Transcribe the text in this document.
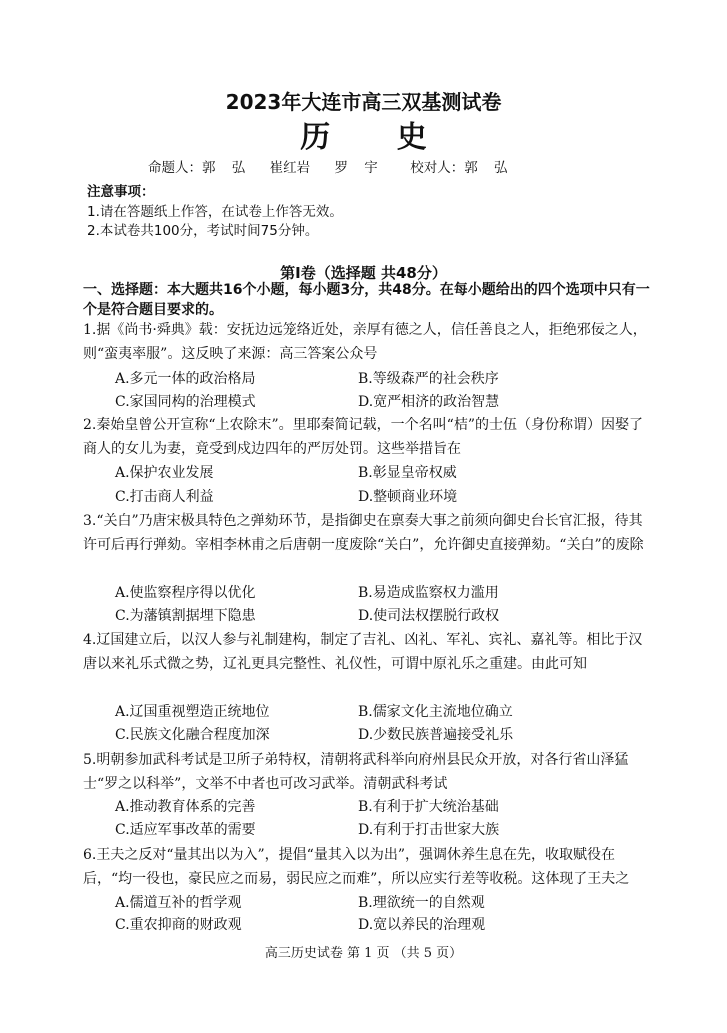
2023年大连市高三双基测试卷
历 史
命题人：郭  弘   崔红岩   罗  宇    校对人：郭  弘
注意事项：
1.请在答题纸上作答，在试卷上作答无效。
2.本试卷共100分，考试时间75分钟。
第Ⅰ卷（选择题 共48分）
一、选择题：本大题共16个小题，每小题3分，共48分。在每小题给出的四个选项中只有一个是符合题目要求的。
1.据《尚书·舜典》载：安抚边远笼络近处，亲厚有德之人，信任善良之人，拒绝邪佞之人，则“蛮夷率服”。这反映了来源：高三答案公众号
A.多元一体的政治格局	B.等级森严的社会秩序
C.家国同构的治理模式	D.宽严相济的政治智慧
2.秦始皇曾公开宣称“上农除末”。里耶秦简记载，一个名叫“桔”的士伍（身份称谓）因娶了商人的女儿为妻，竟受到戍边四年的严厉处罚。这些举措旨在
A.保护农业发展	B.彰显皇帝权威
C.打击商人利益	D.整顿商业环境
3.“关白”乃唐宋极具特色之弹劾环节，是指御史在禀奏大事之前须向御史台长官汇报，待其许可后再行弹劾。宰相李林甫之后唐朝一度废除“关白”，允许御史直接弹劾。“关白”的废除
A.使监察程序得以优化	B.易造成监察权力滥用
C.为藩镇割据埋下隐患	D.使司法权摆脱行政权
4.辽国建立后，以汉人参与礼制建构，制定了吉礼、凶礼、军礼、宾礼、嘉礼等。相比于汉唐以来礼乐式微之势，辽礼更具完整性、礼仪性，可谓中原礼乐之重建。由此可知
A.辽国重视塑造正统地位	B.儒家文化主流地位确立
C.民族文化融合程度加深	D.少数民族普遍接受礼乐
5.明朝参加武科考试是卫所子弟特权，清朝将武科举向府州县民众开放，对各行省山泽猛士“罗之以科举”，文举不中者也可改习武举。清朝武科考试
A.推动教育体系的完善	B.有利于扩大统治基础
C.适应军事改革的需要	D.有利于打击世家大族
6.王夫之反对“量其出以为入”，提倡“量其入以为出”，强调休养生息在先，收取赋役在后，“均一役也，豪民应之而易，弱民应之而难”，所以应实行差等收税。这体现了王夫之
A.儒道互补的哲学观	B.理欲统一的自然观
C.重农抑商的财政观	D.宽以养民的治理观
高三历史试卷 第 1 页 （共 5 页）
